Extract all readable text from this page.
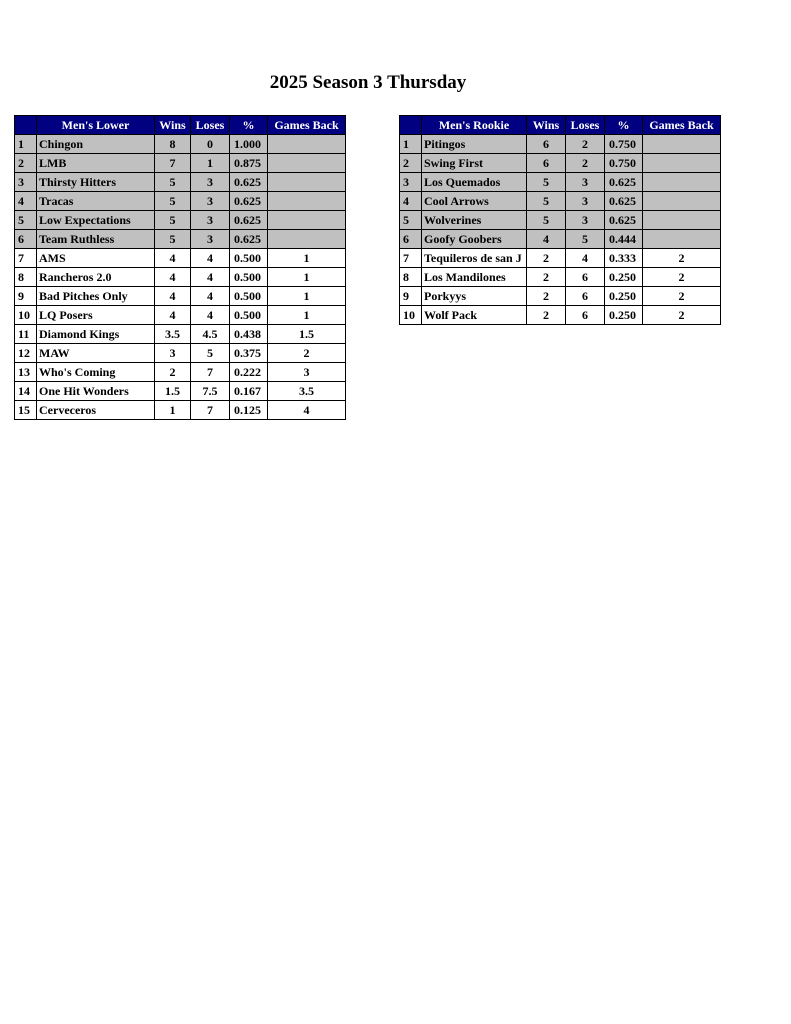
2025 Season 3 Thursday
	Men's Lower	Wins	Loses	%	Games Back
1	Chingon	8	0	1.000	
2	LMB	7	1	0.875	
3	Thirsty Hitters	5	3	0.625	
4	Tracas	5	3	0.625	
5	Low Expectations	5	3	0.625	
6	Team Ruthless	5	3	0.625	
7	AMS	4	4	0.500	1
8	Rancheros 2.0	4	4	0.500	1
9	Bad Pitches Only	4	4	0.500	1
10	LQ Posers	4	4	0.500	1
11	Diamond Kings	3.5	4.5	0.438	1.5
12	MAW	3	5	0.375	2
13	Who's Coming	2	7	0.222	3
14	One Hit Wonders	1.5	7.5	0.167	3.5
15	Cerveceros	1	7	0.125	4
	Men's Rookie	Wins	Loses	%	Games Back
1	Pitingos	6	2	0.750	
2	Swing First	6	2	0.750	
3	Los Quemados	5	3	0.625	
4	Cool Arrows	5	3	0.625	
5	Wolverines	5	3	0.625	
6	Goofy Goobers	4	5	0.444	
7	Tequileros de san J	2	4	0.333	2
8	Los Mandilones	2	6	0.250	2
9	Porkyys	2	6	0.250	2
10	Wolf Pack	2	6	0.250	2
